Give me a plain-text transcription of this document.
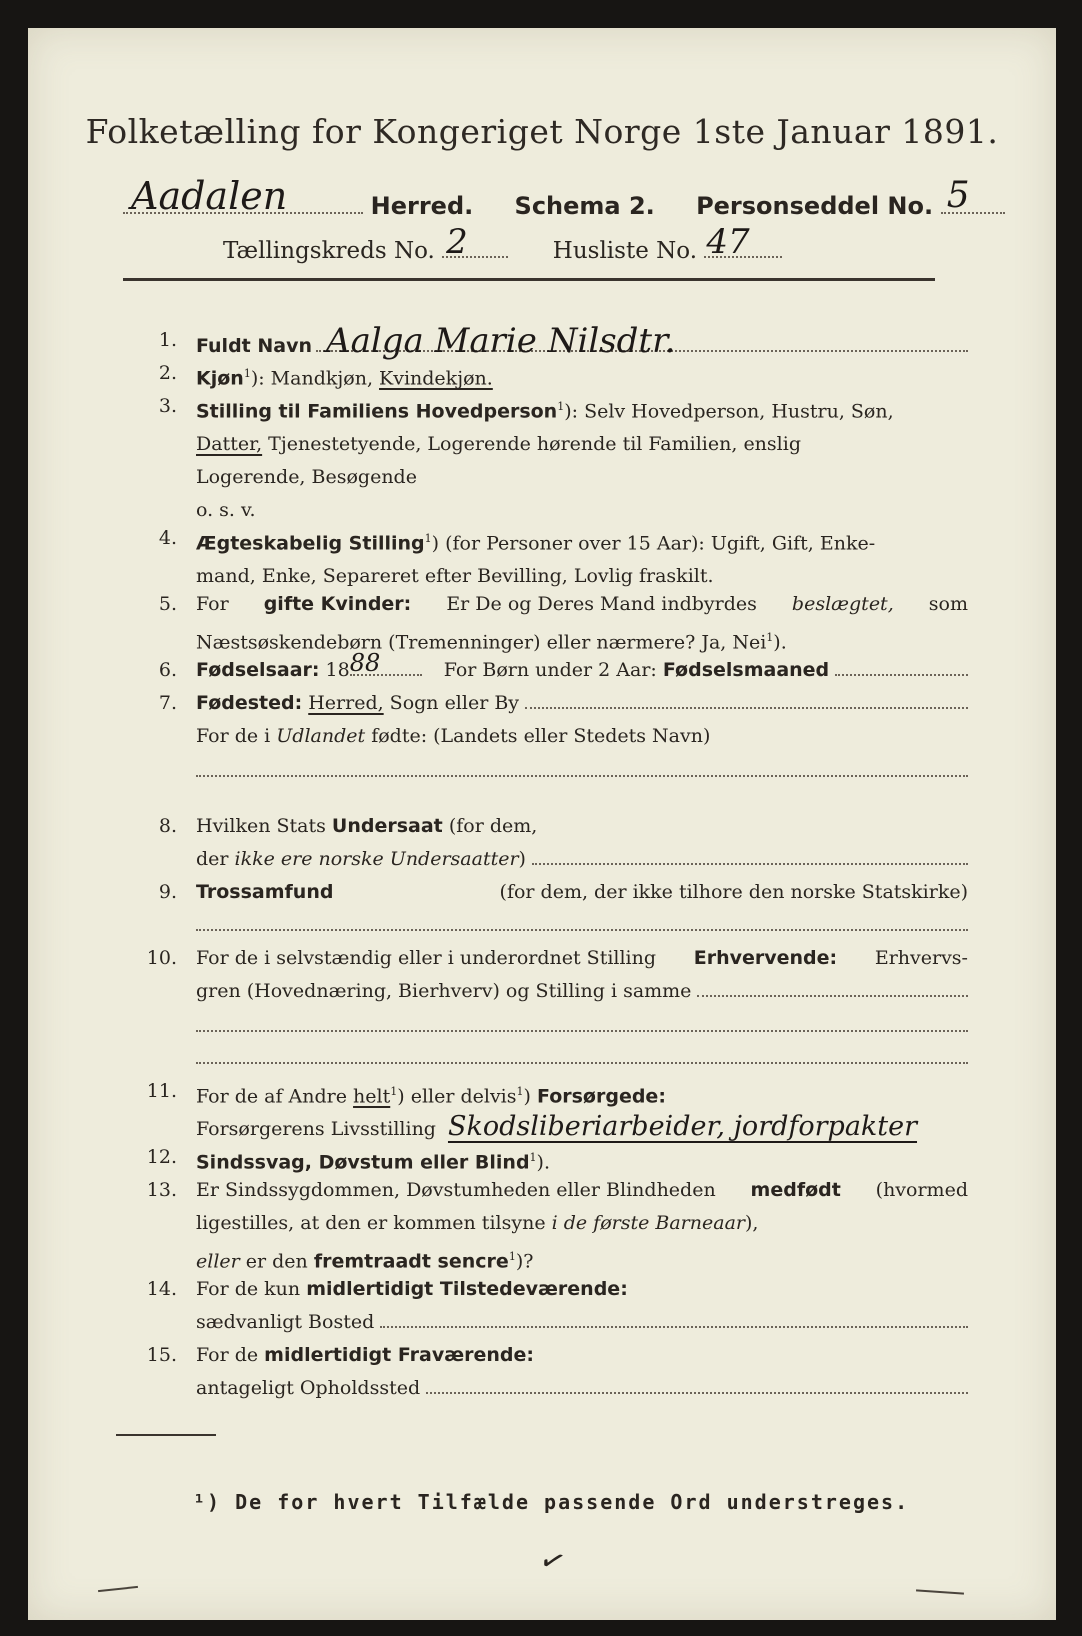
Folketælling for Kongeriget Norge 1ste Januar 1891.
Aadalen	Herred. Schema 2. Personseddel No. 5
Tællingskreds No. 2	Husliste No. 47
1. Fuldt Navn Aalga Marie Nilsdtr.
2. Kjøn$^1$): Mandkjøn, Kvindekjøn.

3. Stilling til Familiens Hovedperson$^1$): Selv Hovedperson, Hustru, Søn,

Datter, Tjenestetyende, Logerende hørende til Familien, enslig

Logerende, Besøgende

o. s. v.

4. Ægteskabelig Stilling$^1$) (for Personer over 15 Aar): Ugift, Gift, Enke-

mand, Enke, Separeret efter Bevilling, Lovlig fraskilt.

5. For gifte Kvinder: Er De og Deres Mand indbyrdes beslægtet, som

Næstsøskendebørn (Tremenninger) eller nærmere? Ja, Nei$^1$).

6. Fødselsaar: 18 88	For Børn under 2 Aar: Fødselsmaaned
7. Fødested: Herred, Sogn eller By

For de i Udlandet fødte: (Landets eller Stedets Navn)

8. Hvilken Stats Undersaat (for dem,

der ikke ere norske Undersaatter )
9. Trossamfund	(for dem, der ikke tilhore den norske Statskirke)

10. For de i selvstændig eller i underordnet Stilling Erhvervende: Erhvervs-

gren (Hovednæring, Bierhverv) og Stilling i samme
11. For de af Andre helt$^1$) eller delvis$^1$) Forsørgede:

Forsørgerens Livsstilling Skodsliberiarbeider, jordforpakter
12. Sindssvag, Døvstum eller Blind$^1$).

13. Er Sindssygdommen, Døvstumheden eller Blindheden medfødt (hvormed

ligestilles, at den er kommen tilsyne i de første Barneaar),

eller er den fremtraadt sencre$^1$)?

14. For de kun midlertidigt Tilstedeværende:

sædvanligt Bosted
15. For de midlertidigt Fraværende:

antageligt Opholdssted
¹) De for hvert Tilfælde passende Ord understreges.
✓
